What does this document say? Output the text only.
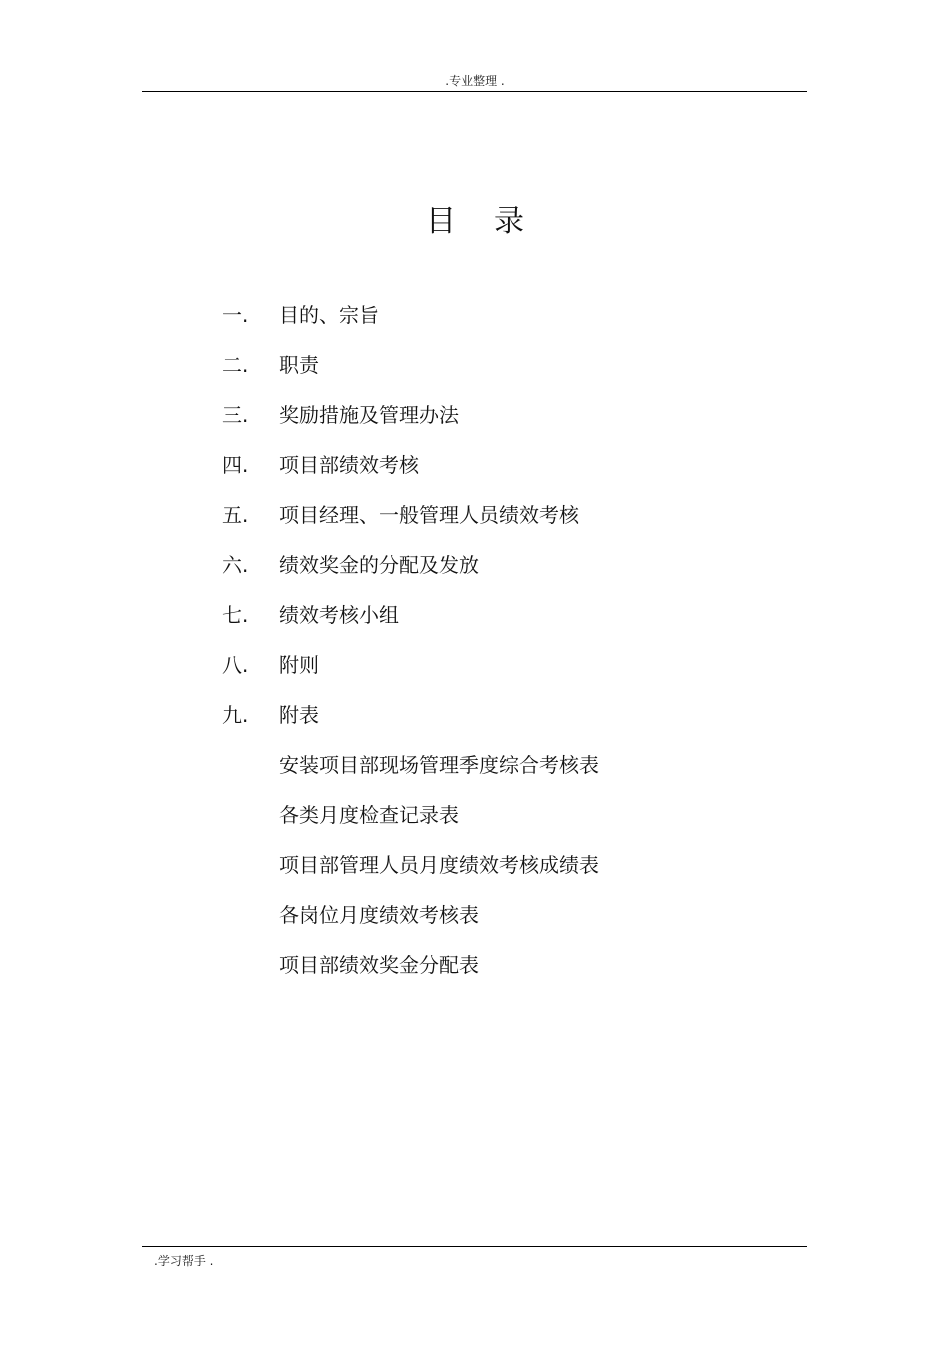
.专业整理 .
目录
一.	目的、宗旨
二.	职责
三.	奖励措施及管理办法
四.	项目部绩效考核
五.	项目经理、一般管理人员绩效考核
六.	绩效奖金的分配及发放
七.	绩效考核小组
八.	附则
九.	附表
安装项目部现场管理季度综合考核表
各类月度检查记录表
项目部管理人员月度绩效考核成绩表
各岗位月度绩效考核表
项目部绩效奖金分配表
.学习帮手 .
